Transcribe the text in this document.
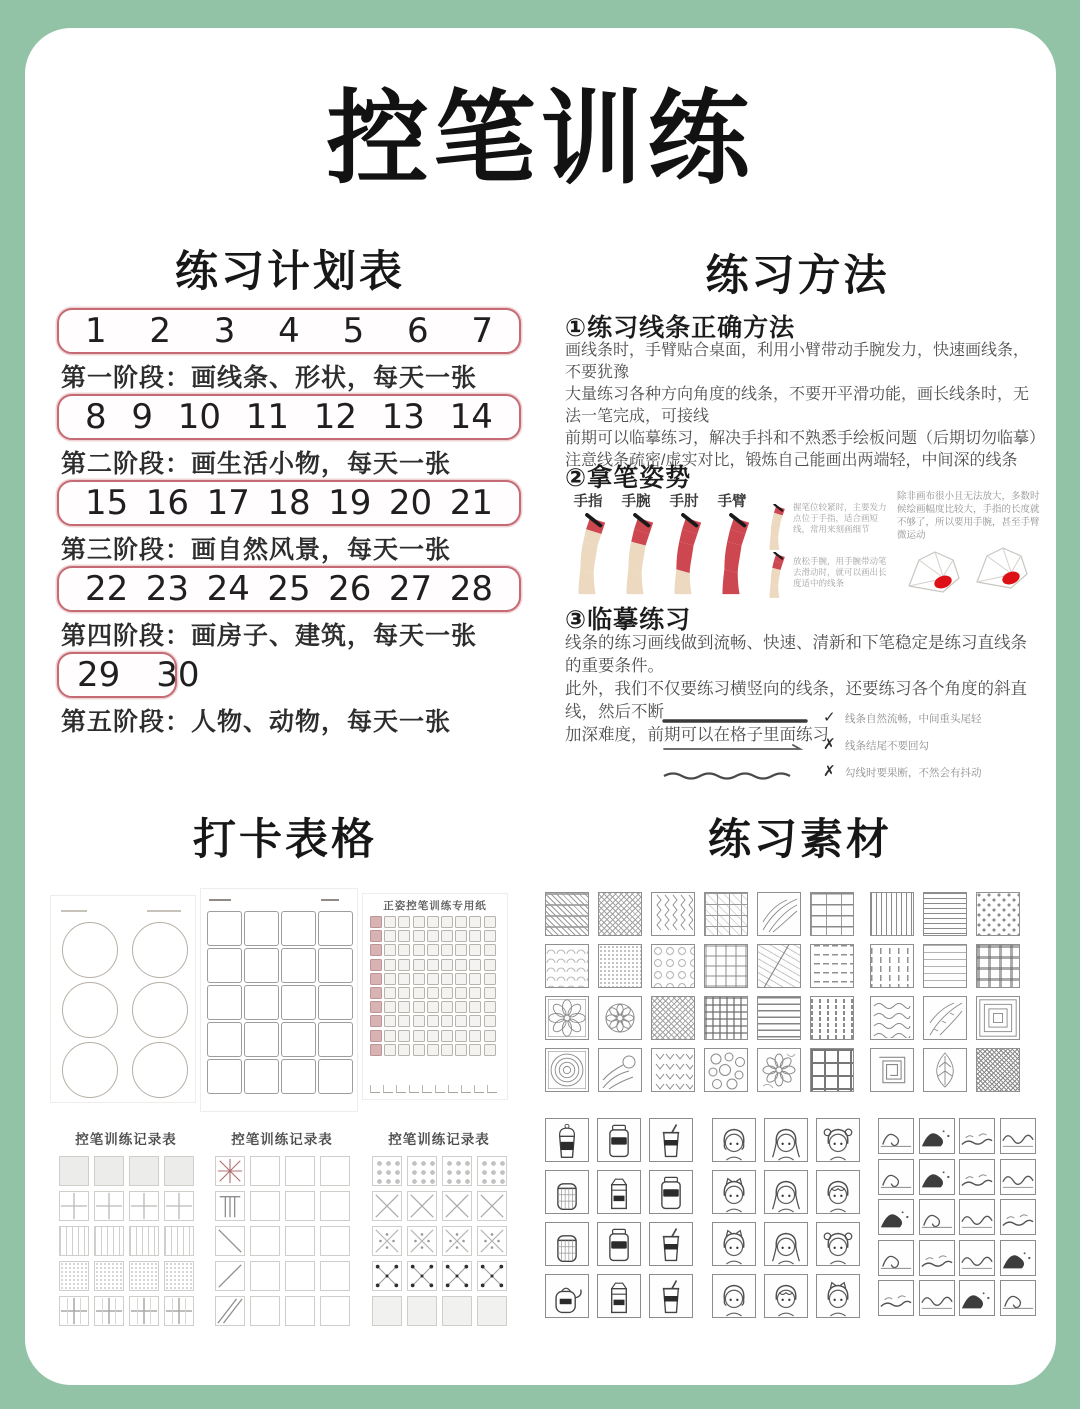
控笔训练
练习计划表	练习方法
打卡表格	练习素材
1 2 3 4 5 6 7
第一阶段：画线条、形状，每天一张
8 9 10 11 12 13 14
第二阶段：画生活小物，每天一张
15 16 17 18 19 20 21
第三阶段：画自然风景，每天一张
22 23 24 25 26 27 28
第四阶段：画房子、建筑，每天一张
29 30
第五阶段：人物、动物，每天一张
①练习线条正确方法
画线条时，手臂贴合桌面，利用小臂带动手腕发力，快速画线条，不要犹豫
大量练习各种方向角度的线条，不要开平滑功能，画长线条时，无法一笔完成，可接线
前期可以临摹练习，解决手抖和不熟悉手绘板问题（后期切勿临摹）
注意线条疏密/虚实对比，锻炼自己能画出两端轻，中间深的线条
②拿笔姿势
手指	手腕	手肘	手臂	握笔位较紧时，主要发力点位于手指，适合画短线，常用来刻画细节
放松手腕，用手腕带动笔去滑动时，就可以画出长度适中的线条
除非画布很小且无法放大，多数时候绘画幅度比较大，手指的长度就不够了，所以要用手腕，甚至手臂微运动
③临摹练习
线条的练习画线做到流畅、快速、清新和下笔稳定是练习直线条的重要条件。
此外，我们不仅要练习横竖向的线条，还要练习各个角度的斜直线，然后不断
加深难度，前期可以在格子里面练习
✓ 线条自然流畅，中间重头尾轻
✗ 线条结尾不要回勾
✗ 勾线时要果断，不然会有抖动
正姿控笔训练专用纸
控笔训练记录表	控笔训练记录表	控笔训练记录表
